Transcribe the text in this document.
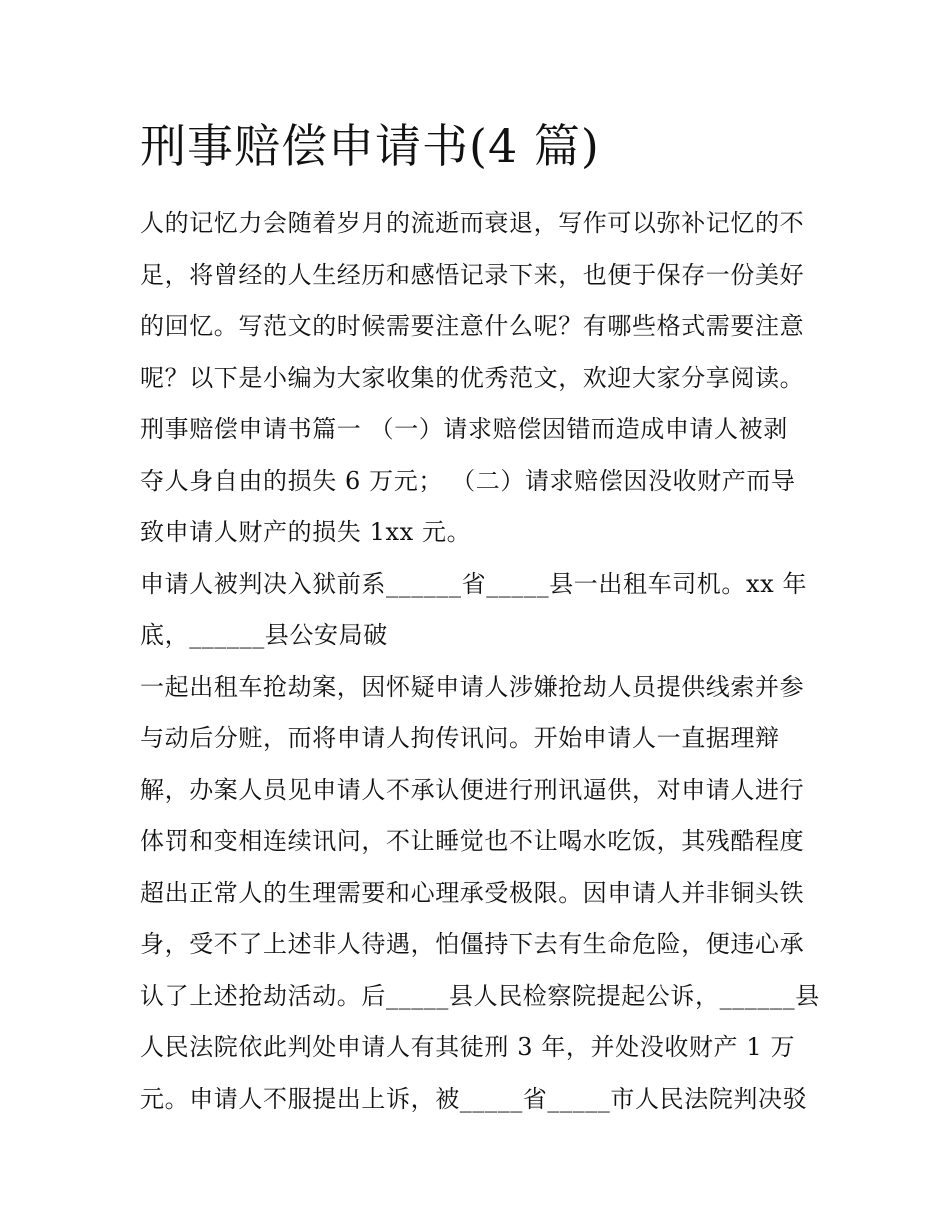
刑事赔偿申请书(4 篇)
人的记忆力会随着岁月的流逝而衰退，写作可以弥补记忆的不
足，将曾经的人生经历和感悟记录下来，也便于保存一份美好
的回忆。写范文的时候需要注意什么呢？有哪些格式需要注意
呢？以下是小编为大家收集的优秀范文，欢迎大家分享阅读。
刑事赔偿申请书篇一 （一）请求赔偿因错而造成申请人被剥
夺人身自由的损失 6 万元； （二）请求赔偿因没收财产而导
致申请人财产的损失 1xx 元。
申请人被判决入狱前系______省_____县一出租车司机。xx 年
底，______县公安局破
一起出租车抢劫案，因怀疑申请人涉嫌抢劫人员提供线索并参
与动后分赃，而将申请人拘传讯问。开始申请人一直据理辩
解，办案人员见申请人不承认便进行刑讯逼供，对申请人进行
体罚和变相连续讯问，不让睡觉也不让喝水吃饭，其残酷程度
超出正常人的生理需要和心理承受极限。因申请人并非铜头铁
身，受不了上述非人待遇，怕僵持下去有生命危险，便违心承
认了上述抢劫活动。后_____县人民检察院提起公诉，______县
人民法院依此判处申请人有其徒刑 3 年，并处没收财产 1 万
元。申请人不服提出上诉，被_____省_____市人民法院判决驳
